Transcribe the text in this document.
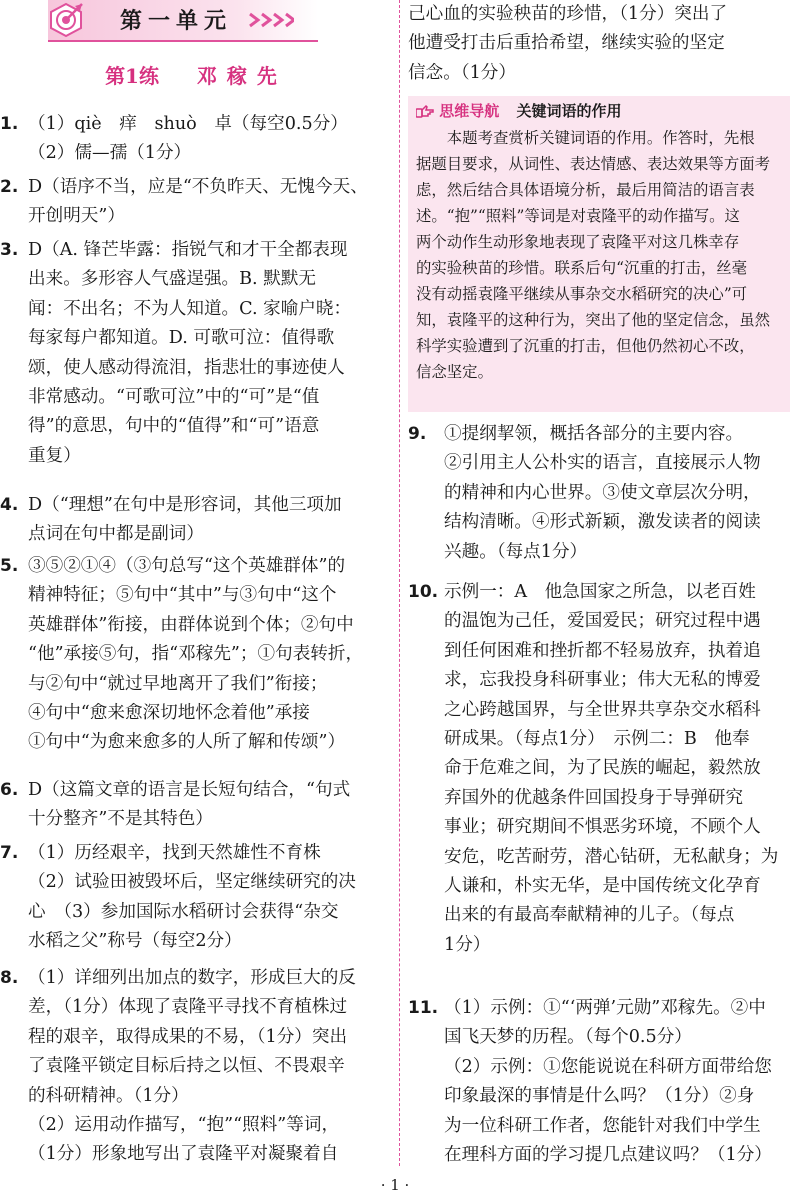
第一单元
第1练 邓稼先
1. （1）qiè　痒　shuò　卓（每空0.5分）
（2）儒—孺（1分）
2. D（语序不当，应是“不负昨天、无愧今天、
开创明天”）
3. D（A. 锋芒毕露：指锐气和才干全都表现
出来。多形容人气盛逞强。B. 默默无
闻：不出名；不为人知道。C. 家喻户晓：
每家每户都知道。D. 可歌可泣：值得歌
颂，使人感动得流泪，指悲壮的事迹使人
非常感动。“可歌可泣”中的“可”是“值
得”的意思，句中的“值得”和“可”语意
重复）
4. D（“理想”在句中是形容词，其他三项加
点词在句中都是副词）
5. ③⑤②①④（③句总写“这个英雄群体”的
精神特征；⑤句中“其中”与③句中“这个
英雄群体”衔接，由群体说到个体；②句中
“他”承接⑤句，指“邓稼先”；①句表转折，
与②句中“就过早地离开了我们”衔接；
④句中“愈来愈深切地怀念着他”承接
①句中“为愈来愈多的人所了解和传颂”）
6. D（这篇文章的语言是长短句结合，“句式
十分整齐”不是其特色）
7. （1）历经艰辛，找到天然雄性不育株
（2）试验田被毁坏后，坚定继续研究的决
心　（3）参加国际水稻研讨会获得“杂交
水稻之父”称号（每空2分）
8. （1）详细列出加点的数字，形成巨大的反
差，（1分）体现了袁隆平寻找不育植株过
程的艰辛，取得成果的不易，（1分）突出
了袁隆平锁定目标后持之以恒、不畏艰辛
的科研精神。（1分）
（2）运用动作描写，“抱”“照料”等词，
（1分）形象地写出了袁隆平对凝聚着自
己心血的实验秧苗的珍惜，（1分）突出了
他遭受打击后重拾希望，继续实验的坚定
信念。（1分）
思维导航 关键词语的作用
　　本题考查赏析关键词语的作用。作答时，先根
据题目要求，从词性、表达情感、表达效果等方面考
虑，然后结合具体语境分析，最后用简洁的语言表
述。“抱”“照料”等词是对袁隆平的动作描写。这
两个动作生动形象地表现了袁隆平对这几株幸存
的实验秧苗的珍惜。联系后句“沉重的打击，丝毫
没有动摇袁隆平继续从事杂交水稻研究的决心”可
知，袁隆平的这种行为，突出了他的坚定信念，虽然
科学实验遭到了沉重的打击，但他仍然初心不改，
信念坚定。
9.	①提纲挈领，概括各部分的主要内容。
②引用主人公朴实的语言，直接展示人物
的精神和内心世界。③使文章层次分明，
结构清晰。④形式新颖，激发读者的阅读
兴趣。（每点1分）
10. 示例一：A　他急国家之所急，以老百姓
的温饱为己任，爱国爱民；研究过程中遇
到任何困难和挫折都不轻易放弃，执着追
求，忘我投身科研事业；伟大无私的博爱
之心跨越国界，与全世界共享杂交水稻科
研成果。（每点1分）　示例二：B　他奉
命于危难之间，为了民族的崛起，毅然放
弃国外的优越条件回国投身于导弹研究
事业；研究期间不惧恶劣环境，不顾个人
安危，吃苦耐劳，潜心钻研，无私献身；为
人谦和，朴实无华，是中国传统文化孕育
出来的有最高奉献精神的儿子。（每点
1分）
11. （1）示例：①“‘两弹’元勋”邓稼先。②中
国飞天梦的历程。（每个0.5分）
（2）示例：①您能说说在科研方面带给您
印象最深的事情是什么吗？（1分）②身
为一位科研工作者，您能针对我们中学生
在理科方面的学习提几点建议吗？（1分）
· 1 ·
